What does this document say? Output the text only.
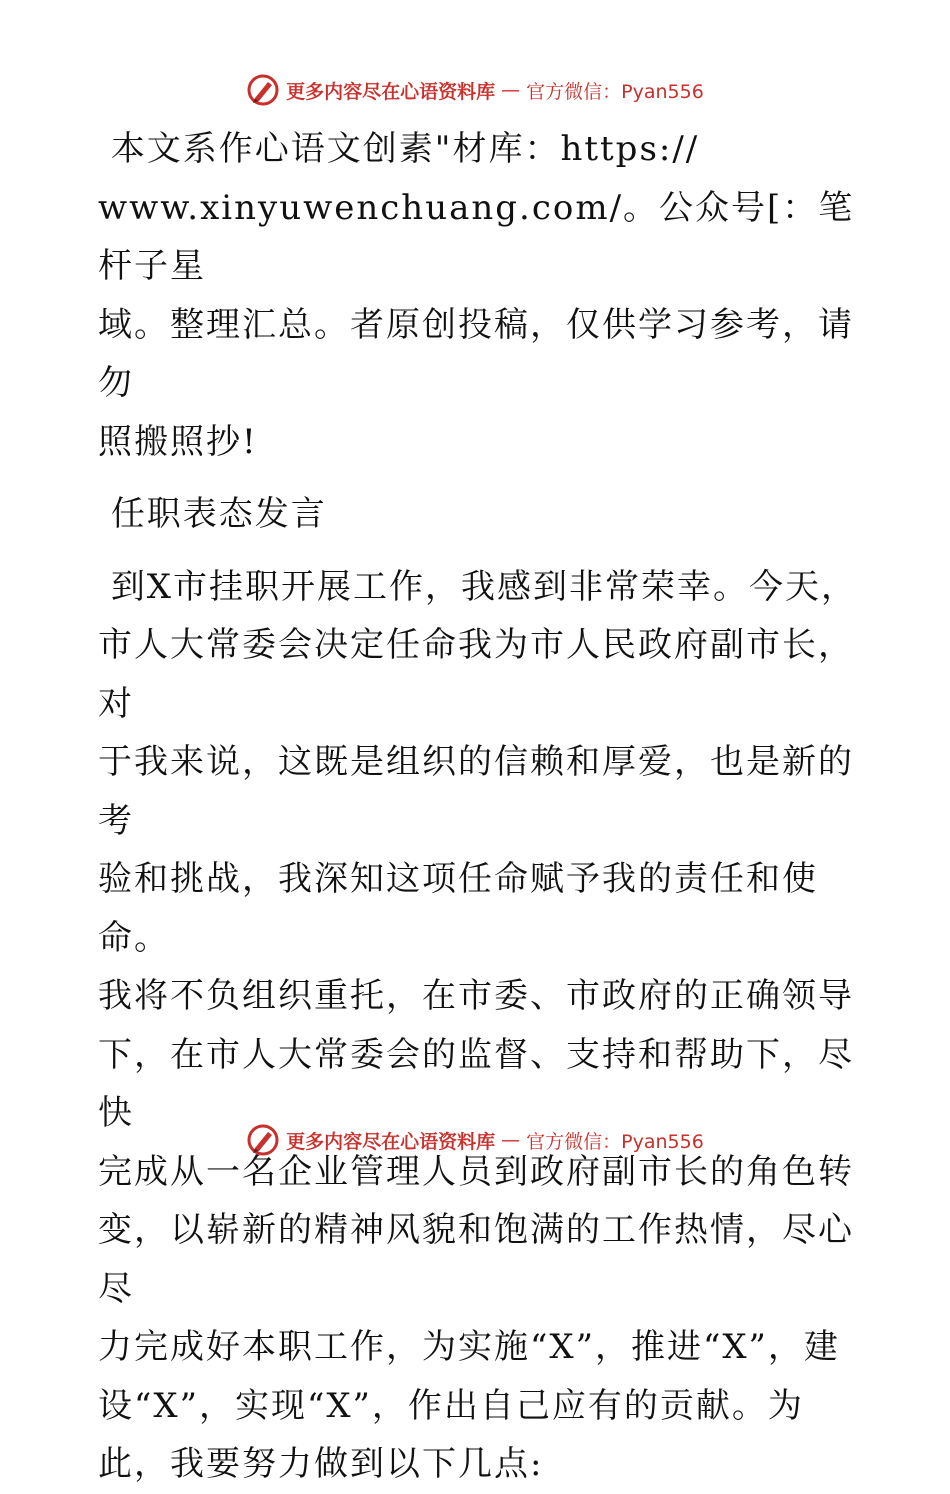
更多内容尽在心语资料库 — 官方微信：Pyan556

本文系作心语文创素"材库：https://
www.xinyuwenchuang.com/。公众号[：笔杆子星
域。整理汇总。者原创投稿，仅供学习参考，请勿
照搬照抄!

任职表态发言

到X市挂职开展工作，我感到非常荣幸。今天，
市人大常委会决定任命我为市人民政府副市长，对
于我来说，这既是组织的信赖和厚爱，也是新的考
验和挑战，我深知这项任命赋予我的责任和使命。
我将不负组织重托，在市委、市政府的正确领导
下，在市人大常委会的监督、支持和帮助下，尽快
完成从一名企业管理人员到政府副市长的角色转
变，以崭新的精神风貌和饱满的工作热情，尽心尽
力完成好本职工作，为实施“X”，推进“X”，建
设“X”，实现“X”，作出自己应有的贡献。为
此，我要努力做到以下几点:

更多内容尽在心语资料库 — 官方微信：Pyan556
